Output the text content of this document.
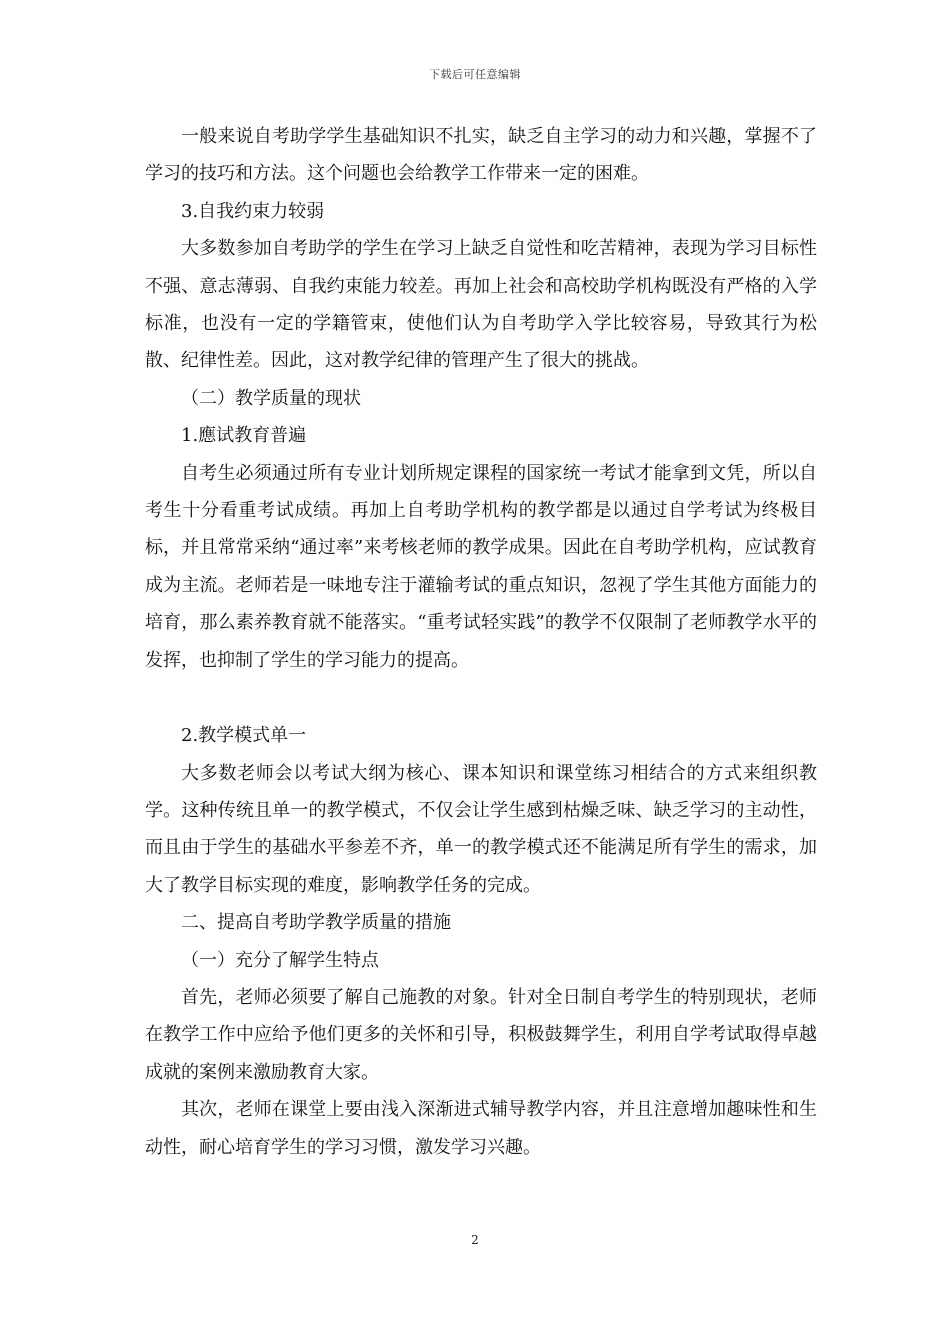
下载后可任意编辑

一般来说自考助学学生基础知识不扎实，缺乏自主学习的动力和兴趣，掌握不了学习的技巧和方法。这个问题也会给教学工作带来一定的困难。

3.自我约束力较弱

大多数参加自考助学的学生在学习上缺乏自觉性和吃苦精神，表现为学习目标性不强、意志薄弱、自我约束能力较差。再加上社会和高校助学机构既没有严格的入学标准，也没有一定的学籍管束，使他们认为自考助学入学比较容易，导致其行为松散、纪律性差。因此，这对教学纪律的管理产生了很大的挑战。

（二）教学质量的现状

1.應试教育普遍

自考生必须通过所有专业计划所规定课程的国家统一考试才能拿到文凭，所以自考生十分看重考试成绩。再加上自考助学机构的教学都是以通过自学考试为终极目标，并且常常采纳“通过率”来考核老师的教学成果。因此在自考助学机构，应试教育成为主流。老师若是一味地专注于灌输考试的重点知识，忽视了学生其他方面能力的培育，那么素养教育就不能落实。“重考试轻实践”的教学不仅限制了老师教学水平的发挥，也抑制了学生的学习能力的提高。

2.教学模式单一

大多数老师会以考试大纲为核心、课本知识和课堂练习相结合的方式来组织教学。这种传统且单一的教学模式，不仅会让学生感到枯燥乏味、缺乏学习的主动性，而且由于学生的基础水平参差不齐，单一的教学模式还不能满足所有学生的需求，加大了教学目标实现的难度，影响教学任务的完成。

二、提高自考助学教学质量的措施

（一）充分了解学生特点

首先，老师必须要了解自己施教的对象。针对全日制自考学生的特别现状，老师在教学工作中应给予他们更多的关怀和引导，积极鼓舞学生，利用自学考试取得卓越成就的案例来激励教育大家。

其次，老师在课堂上要由浅入深渐进式辅导教学内容，并且注意增加趣味性和生动性，耐心培育学生的学习习惯，激发学习兴趣。

2
